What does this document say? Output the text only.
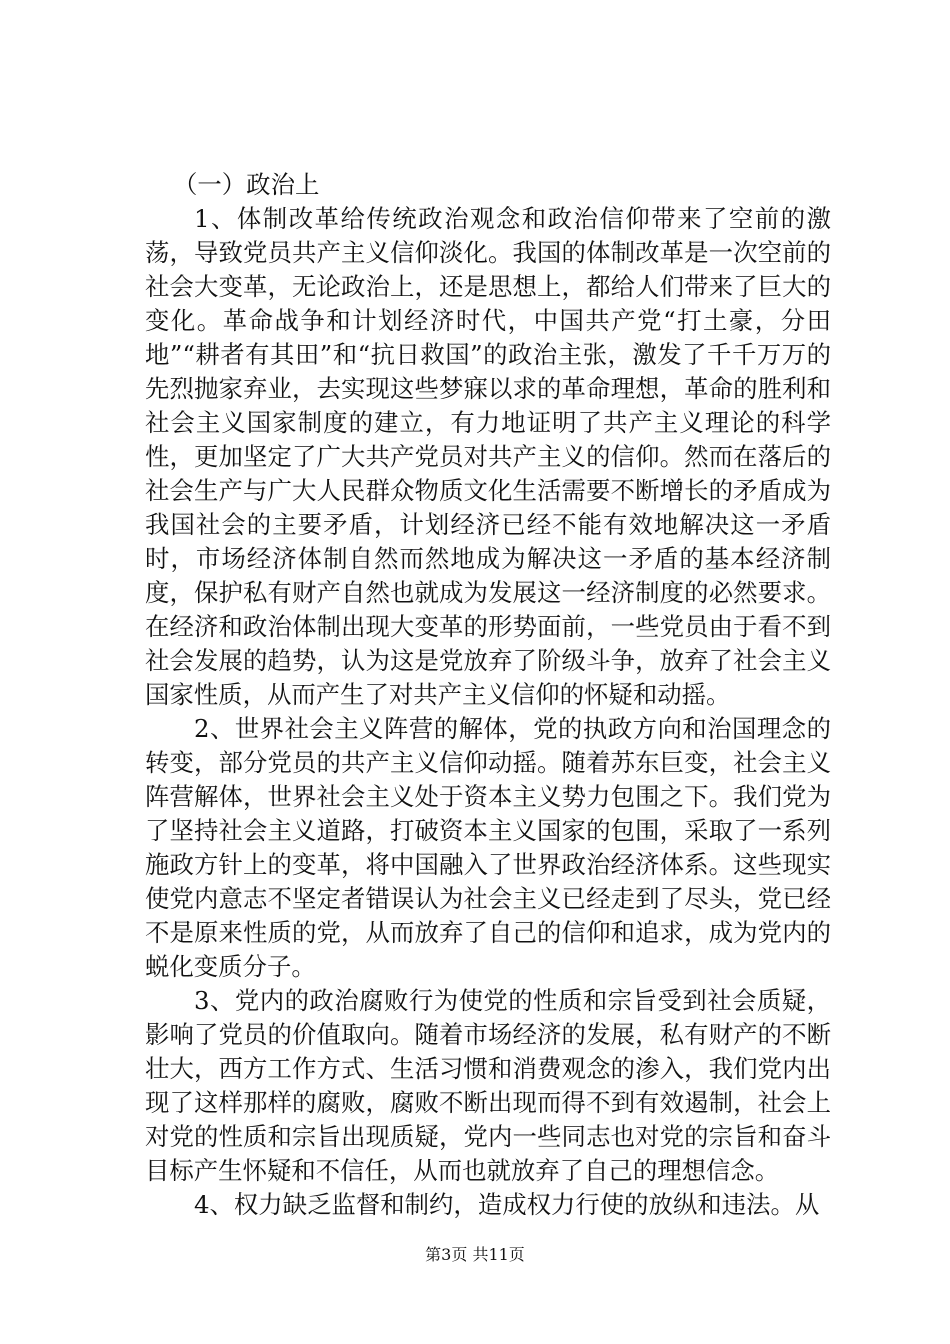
（一）政治上

1、体制改革给传统政治观念和政治信仰带来了空前的激荡，导致党员共产主义信仰淡化。我国的体制改革是一次空前的社会大变革，无论政治上，还是思想上，都给人们带来了巨大的变化。革命战争和计划经济时代，中国共产党“打土豪，分田地”“耕者有其田”和“抗日救国”的政治主张，激发了千千万万的先烈抛家弃业，去实现这些梦寐以求的革命理想，革命的胜利和社会主义国家制度的建立，有力地证明了共产主义理论的科学性，更加坚定了广大共产党员对共产主义的信仰。然而在落后的社会生产与广大人民群众物质文化生活需要不断增长的矛盾成为我国社会的主要矛盾，计划经济已经不能有效地解决这一矛盾时，市场经济体制自然而然地成为解决这一矛盾的基本经济制度，保护私有财产自然也就成为发展这一经济制度的必然要求。在经济和政治体制出现大变革的形势面前，一些党员由于看不到社会发展的趋势，认为这是党放弃了阶级斗争，放弃了社会主义国家性质，从而产生了对共产主义信仰的怀疑和动摇。

2、世界社会主义阵营的解体，党的执政方向和治国理念的转变，部分党员的共产主义信仰动摇。随着苏东巨变，社会主义阵营解体，世界社会主义处于资本主义势力包围之下。我们党为了坚持社会主义道路，打破资本主义国家的包围，采取了一系列施政方针上的变革，将中国融入了世界政治经济体系。这些现实使党内意志不坚定者错误认为社会主义已经走到了尽头，党已经不是原来性质的党，从而放弃了自己的信仰和追求，成为党内的蜕化变质分子。

3、党内的政治腐败行为使党的性质和宗旨受到社会质疑，影响了党员的价值取向。随着市场经济的发展，私有财产的不断壮大，西方工作方式、生活习惯和消费观念的渗入，我们党内出现了这样那样的腐败，腐败不断出现而得不到有效遏制，社会上对党的性质和宗旨出现质疑，党内一些同志也对党的宗旨和奋斗目标产生怀疑和不信任，从而也就放弃了自己的理想信念。

4、权力缺乏监督和制约，造成权力行使的放纵和违法。从

第3页 共11页
